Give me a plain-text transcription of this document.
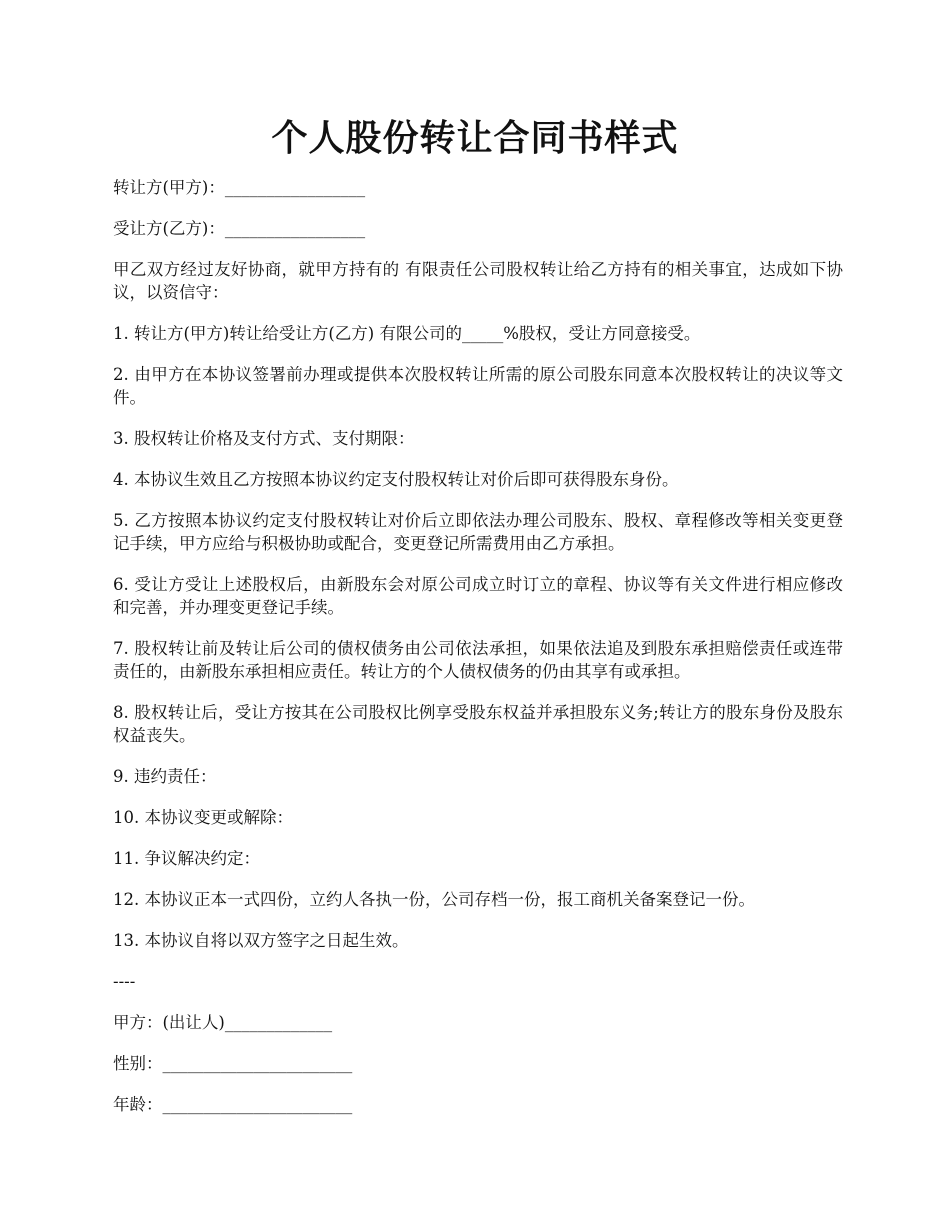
个人股份转让合同书样式

转让方(甲方)：_________________

受让方(乙方)：_________________

甲乙双方经过友好协商，就甲方持有的 有限责任公司股权转让给乙方持有的相关事宜，达成如下协议，以资信守：

1. 转让方(甲方)转让给受让方(乙方) 有限公司的_____%股权，受让方同意接受。

2. 由甲方在本协议签署前办理或提供本次股权转让所需的原公司股东同意本次股权转让的决议等文件。

3. 股权转让价格及支付方式、支付期限：

4. 本协议生效且乙方按照本协议约定支付股权转让对价后即可获得股东身份。

5. 乙方按照本协议约定支付股权转让对价后立即依法办理公司股东、股权、章程修改等相关变更登记手续，甲方应给与积极协助或配合，变更登记所需费用由乙方承担。

6. 受让方受让上述股权后，由新股东会对原公司成立时订立的章程、协议等有关文件进行相应修改和完善，并办理变更登记手续。

7. 股权转让前及转让后公司的债权债务由公司依法承担，如果依法追及到股东承担赔偿责任或连带责任的，由新股东承担相应责任。转让方的个人债权债务的仍由其享有或承担。

8. 股权转让后，受让方按其在公司股权比例享受股东权益并承担股东义务;转让方的股东身份及股东权益丧失。

9. 违约责任：

10. 本协议变更或解除：

11. 争议解决约定：

12. 本协议正本一式四份，立约人各执一份，公司存档一份，报工商机关备案登记一份。

13. 本协议自将以双方签字之日起生效。

----

甲方：(出让人)_____________

性别：_______________________

年龄：_______________________
